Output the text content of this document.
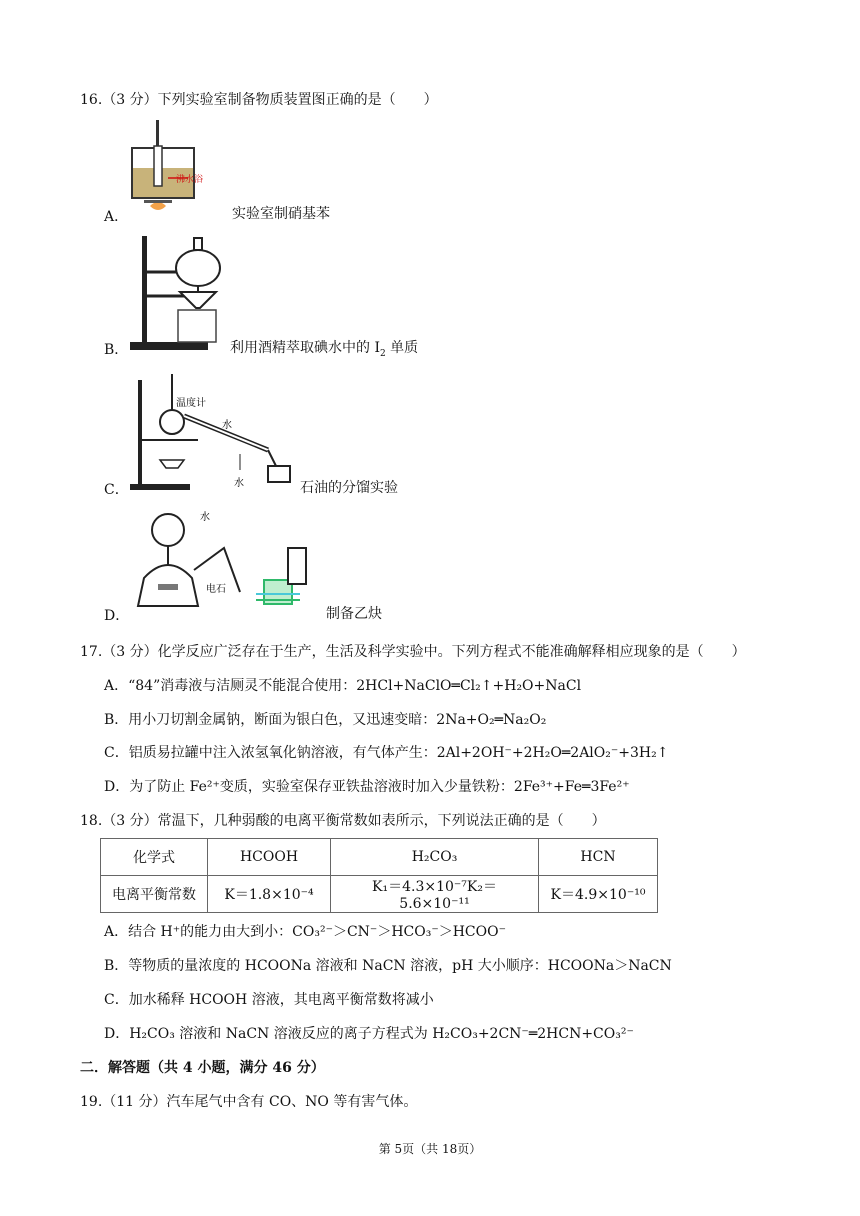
16.（3 分）下列实验室制备物质装置图正确的是（　　）
沸水浴
A．	实验室制硝基苯
B．	利用酒精萃取碘水中的 $I_2$ 单质
温度计
水
水
C．	石油的分馏实验
水
电石
D．	制备乙炔
17.（3 分）化学反应广泛存在于生产，生活及科学实验中。下列方程式不能准确解释相应现象的是（　　）
A．“84”消毒液与洁厕灵不能混合使用：2HCl+NaClO═Cl₂↑+H₂O+NaCl
B．用小刀切割金属钠，断面为银白色，又迅速变暗：2Na+O₂═Na₂O₂
C．铝质易拉罐中注入浓氢氧化钠溶液，有气体产生：2Al+2OH⁻+2H₂O═2AlO₂⁻+3H₂↑
D．为了防止 Fe²⁺变质，实验室保存亚铁盐溶液时加入少量铁粉：2Fe³⁺+Fe═3Fe²⁺
18.（3 分）常温下，几种弱酸的电离平衡常数如表所示，下列说法正确的是（　　）
化学式	HCOOH	H₂CO₃	HCN
电离平衡常数	K＝1.8×10⁻⁴	K₁＝4.3×10⁻⁷K₂＝5.6×10⁻¹¹	K＝4.9×10⁻¹⁰
A．结合 H⁺的能力由大到小：CO₃²⁻＞CN⁻＞HCO₃⁻＞HCOO⁻
B．等物质的量浓度的 HCOONa 溶液和 NaCN 溶液，pH 大小顺序：HCOONa＞NaCN
C．加水稀释 HCOOH 溶液，其电离平衡常数将减小
D．H₂CO₃ 溶液和 NaCN 溶液反应的离子方程式为 H₂CO₃+2CN⁻═2HCN+CO₃²⁻
二．解答题（共 4 小题，满分 46 分）
19.（11 分）汽车尾气中含有 CO、NO 等有害气体。
第 5页（共 18页）
